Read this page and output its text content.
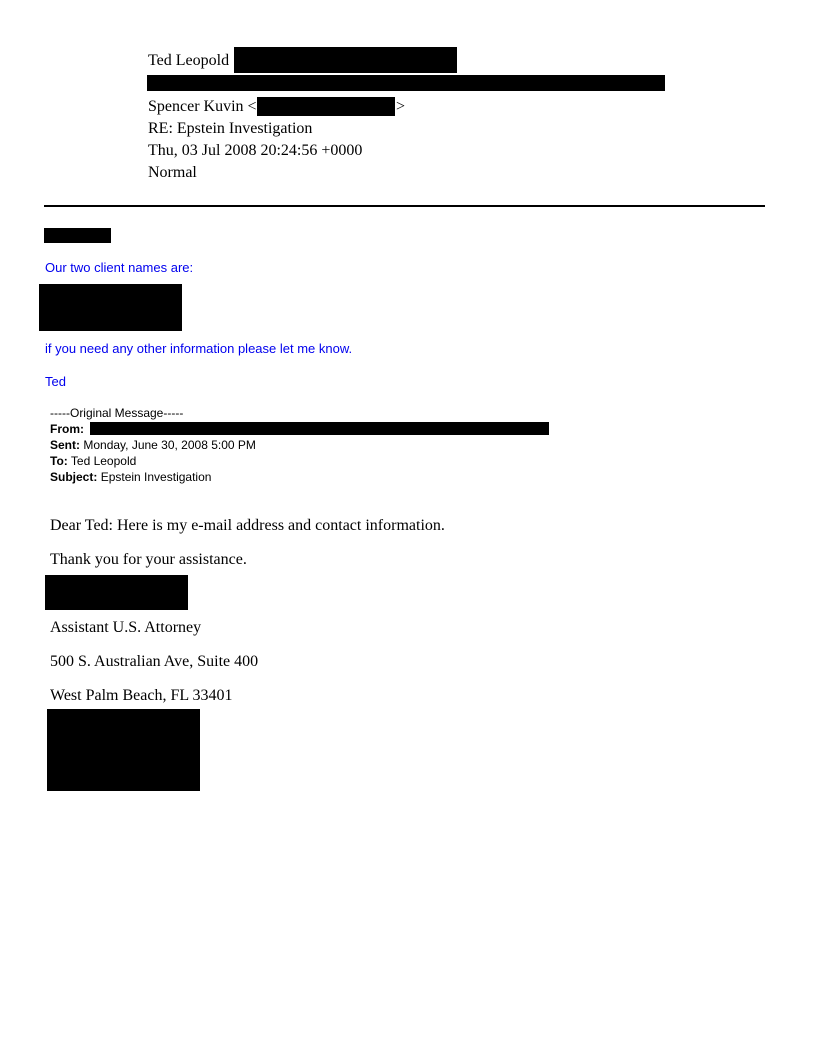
Ted Leopold
Spencer Kuvin <	>
RE: Epstein Investigation
Thu, 03 Jul 2008 20:24:56 +0000
Normal
Our two client names are:
if you need any other information please let me know.
Ted
-----Original Message-----
From:
Sent: Monday, June 30, 2008 5:00 PM
To: Ted Leopold
Subject: Epstein Investigation
Dear Ted: Here is my e-mail address and contact information.
Thank you for your assistance.
Assistant U.S. Attorney
500 S. Australian Ave, Suite 400
West Palm Beach, FL 33401
